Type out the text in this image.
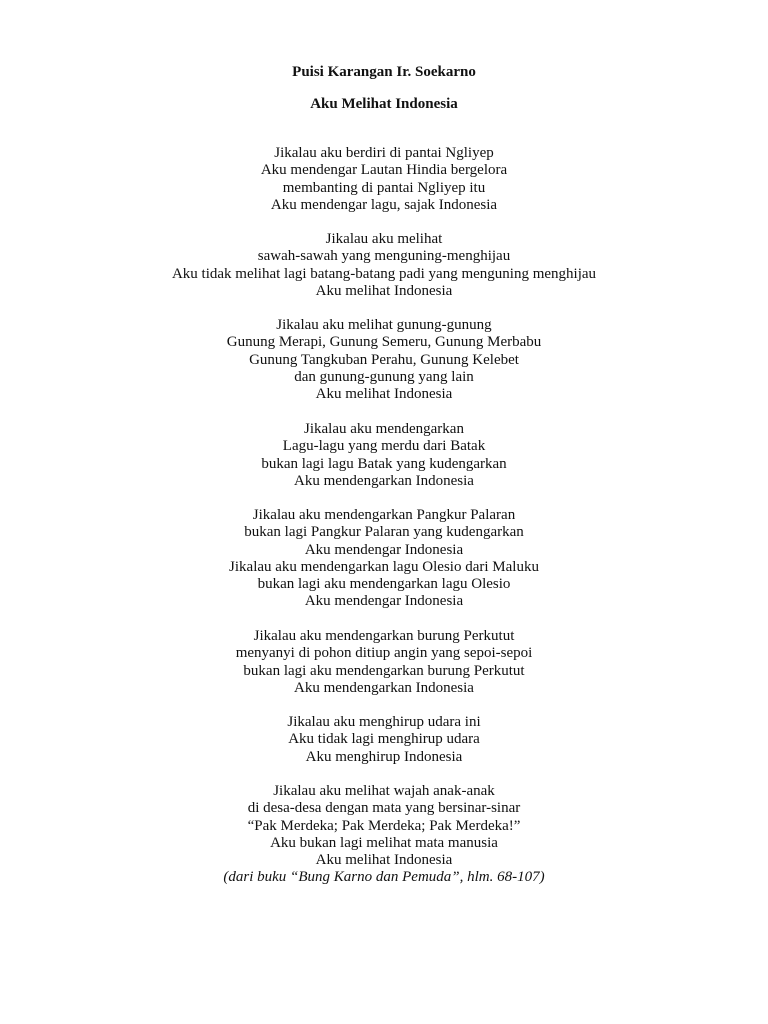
Puisi Karangan Ir. Soekarno
Aku Melihat Indonesia
Jikalau aku berdiri di pantai Ngliyep
Aku mendengar Lautan Hindia bergelora
membanting di pantai Ngliyep itu
Aku mendengar lagu, sajak Indonesia
Jikalau aku melihat
sawah-sawah yang menguning-menghijau
Aku tidak melihat lagi batang-batang padi yang menguning menghijau
Aku melihat Indonesia
Jikalau aku melihat gunung-gunung
Gunung Merapi, Gunung Semeru, Gunung Merbabu
Gunung Tangkuban Perahu, Gunung Kelebet
dan gunung-gunung yang lain
Aku melihat Indonesia
Jikalau aku mendengarkan
Lagu-lagu yang merdu dari Batak
bukan lagi lagu Batak yang kudengarkan
Aku mendengarkan Indonesia
Jikalau aku mendengarkan Pangkur Palaran
bukan lagi Pangkur Palaran yang kudengarkan
Aku mendengar Indonesia
Jikalau aku mendengarkan lagu Olesio dari Maluku
bukan lagi aku mendengarkan lagu Olesio
Aku mendengar Indonesia
Jikalau aku mendengarkan burung Perkutut
menyanyi di pohon ditiup angin yang sepoi-sepoi
bukan lagi aku mendengarkan burung Perkutut
Aku mendengarkan Indonesia
Jikalau aku menghirup udara ini
Aku tidak lagi menghirup udara
Aku menghirup Indonesia
Jikalau aku melihat wajah anak-anak
di desa-desa dengan mata yang bersinar-sinar
“Pak Merdeka; Pak Merdeka; Pak Merdeka!”
Aku bukan lagi melihat mata manusia
Aku melihat Indonesia
(dari buku “Bung Karno dan Pemuda”, hlm. 68-107)
